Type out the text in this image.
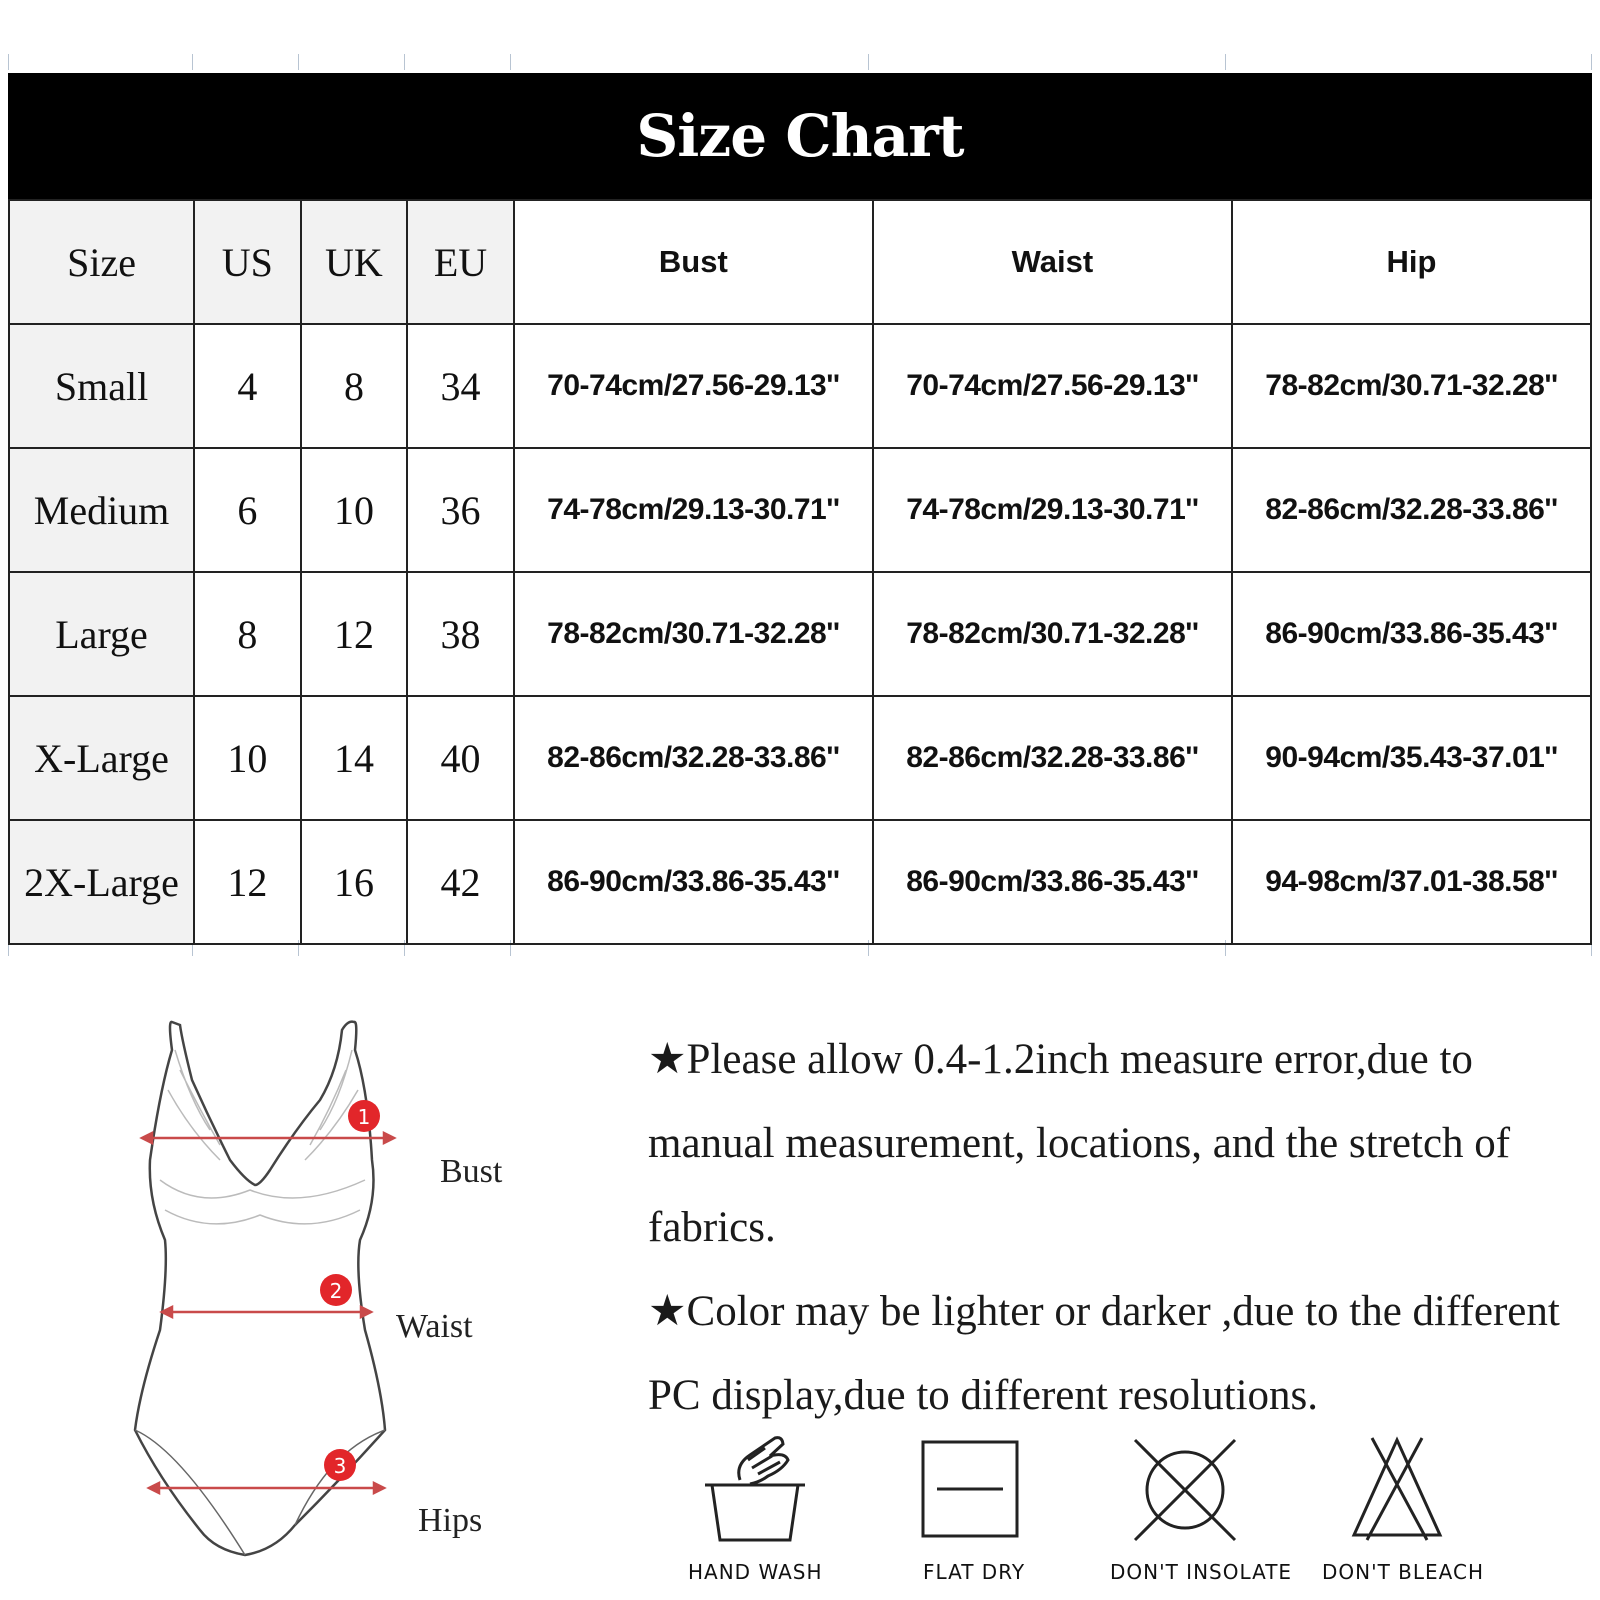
Size Chart
Size	US	UK	EU	Bust	Waist	Hip
Small	4	8	34	70-74cm/27.56-29.13''	70-74cm/27.56-29.13''	78-82cm/30.71-32.28''
Medium	6	10	36	74-78cm/29.13-30.71''	74-78cm/29.13-30.71''	82-86cm/32.28-33.86''
Large	8	12	38	78-82cm/30.71-32.28''	78-82cm/30.71-32.28''	86-90cm/33.86-35.43''
X-Large	10	14	40	82-86cm/32.28-33.86''	82-86cm/32.28-33.86''	90-94cm/35.43-37.01''
2X-Large	12	16	42	86-90cm/33.86-35.43''	86-90cm/33.86-35.43''	94-98cm/37.01-38.58''
1
2
3
Bust
Waist
Hips

★Please allow 0.4-1.2inch measure error,due to manual measurement, locations, and the stretch of fabrics.

★Color may be lighter or darker ,due to the different PC display,due to different resolutions.

HAND WASH	FLAT DRY	DON'T INSOLATE DON'T BLEACH
